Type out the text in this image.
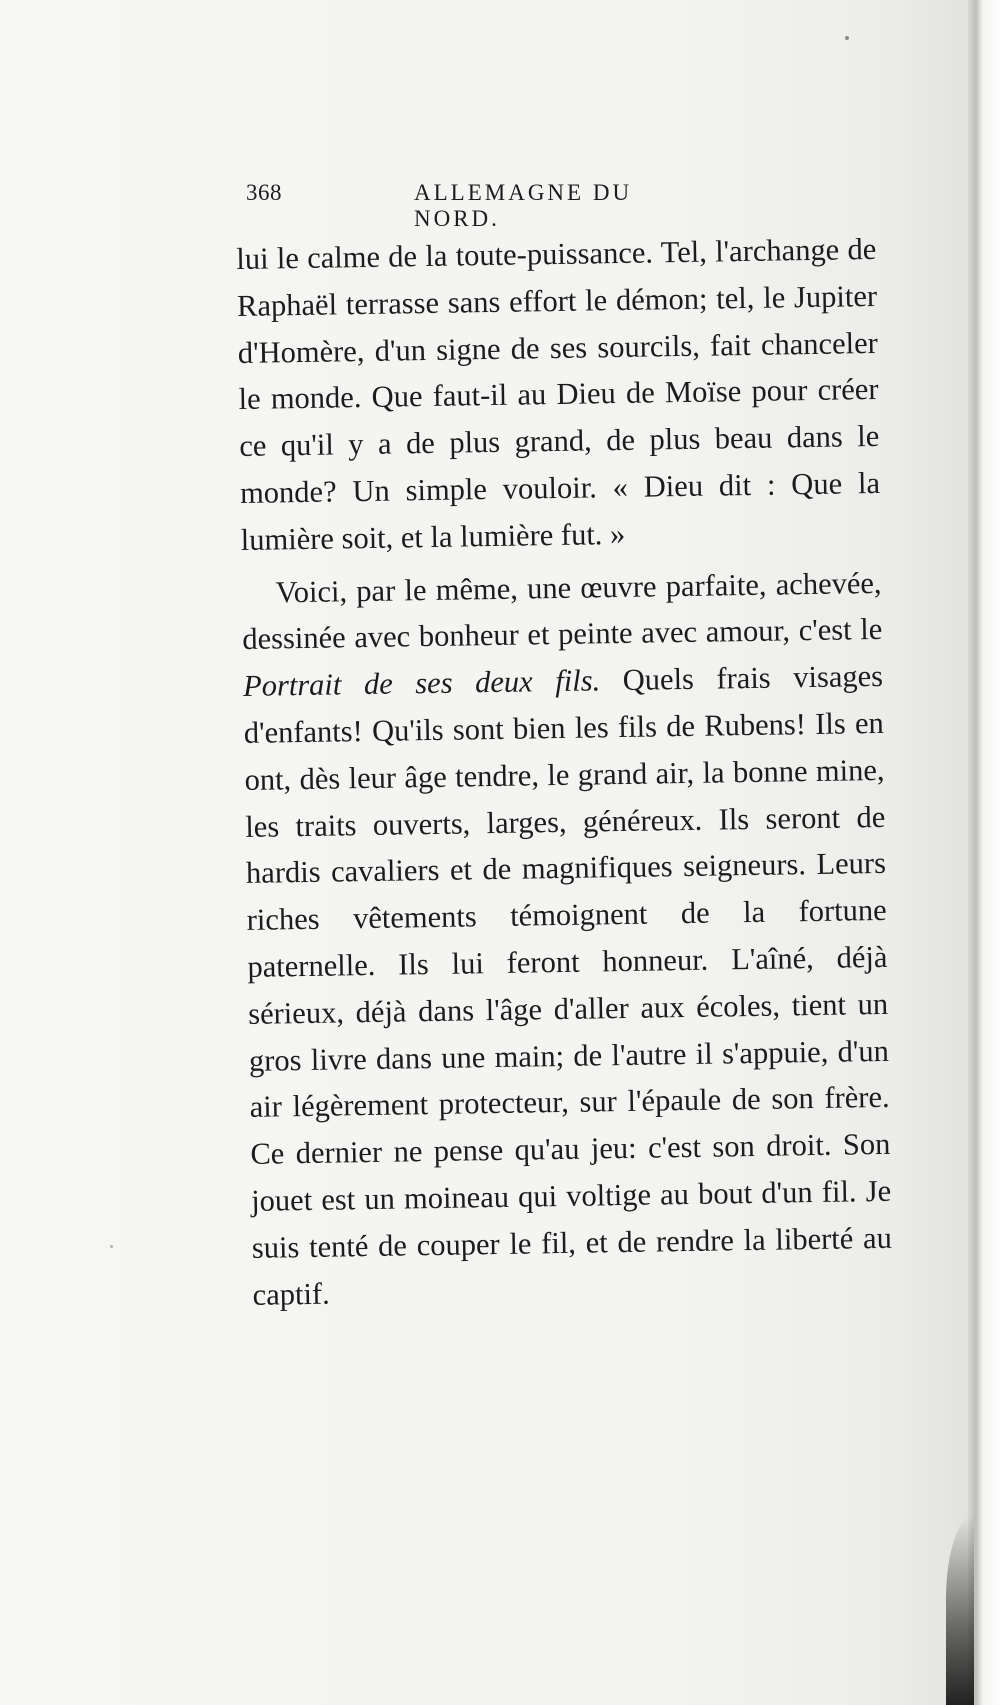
368	ALLEMAGNE DU NORD.

lui le calme de la toute-puissance. Tel, l'archange de Raphaël terrasse sans effort le démon; tel, le Jupiter d'Homère, d'un signe de ses sourcils, fait chanceler le monde. Que faut-il au Dieu de Moïse pour créer ce qu'il y a de plus grand, de plus beau dans le monde? Un simple vouloir. « Dieu dit : Que la lumière soit, et la lumière fut. »

Voici, par le même, une œuvre parfaite, achevée, dessinée avec bonheur et peinte avec amour, c'est le Portrait de ses deux fils. Quels frais visages d'enfants! Qu'ils sont bien les fils de Rubens! Ils en ont, dès leur âge tendre, le grand air, la bonne mine, les traits ouverts, larges, généreux. Ils seront de hardis cavaliers et de magnifiques seigneurs. Leurs riches vêtements témoignent de la fortune paternelle. Ils lui feront honneur. L'aîné, déjà sérieux, déjà dans l'âge d'aller aux écoles, tient un gros livre dans une main; de l'autre il s'appuie, d'un air légèrement protecteur, sur l'épaule de son frère. Ce dernier ne pense qu'au jeu: c'est son droit. Son jouet est un moineau qui voltige au bout d'un fil. Je suis tenté de couper le fil, et de rendre la liberté au captif.
